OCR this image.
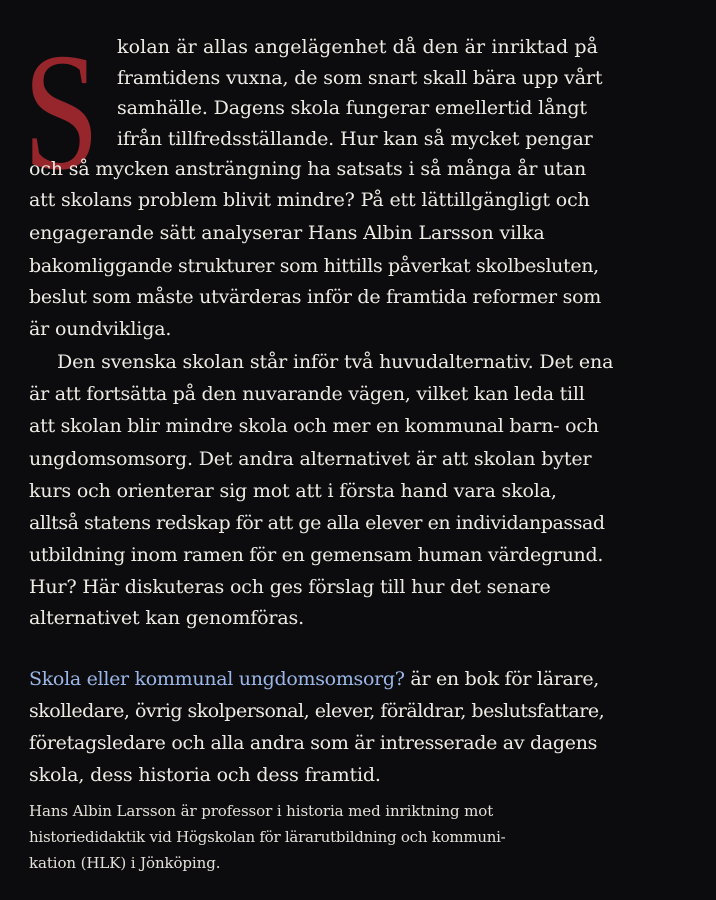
S kolan är allas angelägenhet då den är inriktad på
framtidens vuxna, de som snart skall bära upp vårt
samhälle. Dagens skola fungerar emellertid långt
ifrån tillfredsställande. Hur kan så mycket pengar
och så mycken ansträngning ha satsats i så många år utan
att skolans problem blivit mindre? På ett lättillgängligt och
engagerande sätt analyserar Hans Albin Larsson vilka
bakomliggande strukturer som hittills påverkat skolbesluten,
beslut som måste utvärderas inför de framtida reformer som
är oundvikliga.
Den svenska skolan står inför två huvudalternativ. Det ena
är att fortsätta på den nuvarande vägen, vilket kan leda till
att skolan blir mindre skola och mer en kommunal barn- och
ungdomsomsorg. Det andra alternativet är att skolan byter
kurs och orienterar sig mot att i första hand vara skola,
alltså statens redskap för att ge alla elever en individanpassad
utbildning inom ramen för en gemensam human värdegrund.
Hur? Här diskuteras och ges förslag till hur det senare
alternativet kan genomföras.
Skola eller kommunal ungdomsomsorg? är en bok för lärare,
skolledare, övrig skolpersonal, elever, föräldrar, beslutsfattare,
företagsledare och alla andra som är intresserade av dagens
skola, dess historia och dess framtid.
Hans Albin Larsson är professor i historia med inriktning mot
historiedidaktik vid Högskolan för lärarutbildning och kommuni-
kation (HLK) i Jönköping.
